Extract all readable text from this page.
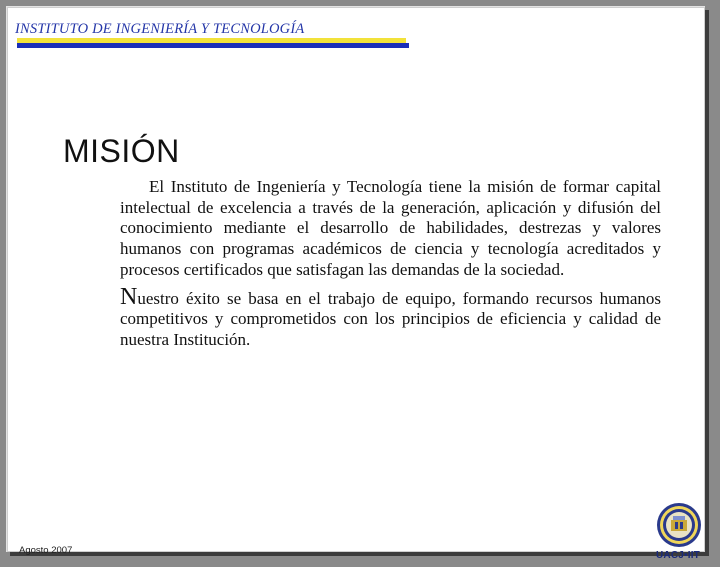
INSTITUTO DE INGENIERÍA Y TECNOLOGÍA
MISIÓN

El Instituto de Ingeniería y Tecnología tiene la misión de formar capital intelectual de excelencia a través de la generación, aplicación y difusión del conocimiento mediante el desarrollo de habilidades, destrezas y valores humanos con programas académicos de ciencia y tecnología acreditados y procesos certificados que satisfagan las demandas de la sociedad.

Nuestro éxito se basa en el trabajo de equipo, formando recursos humanos competitivos y comprometidos con los principios de eficiencia y calidad de nuestra Institución.

Agosto 2007	UACJ•IIT
